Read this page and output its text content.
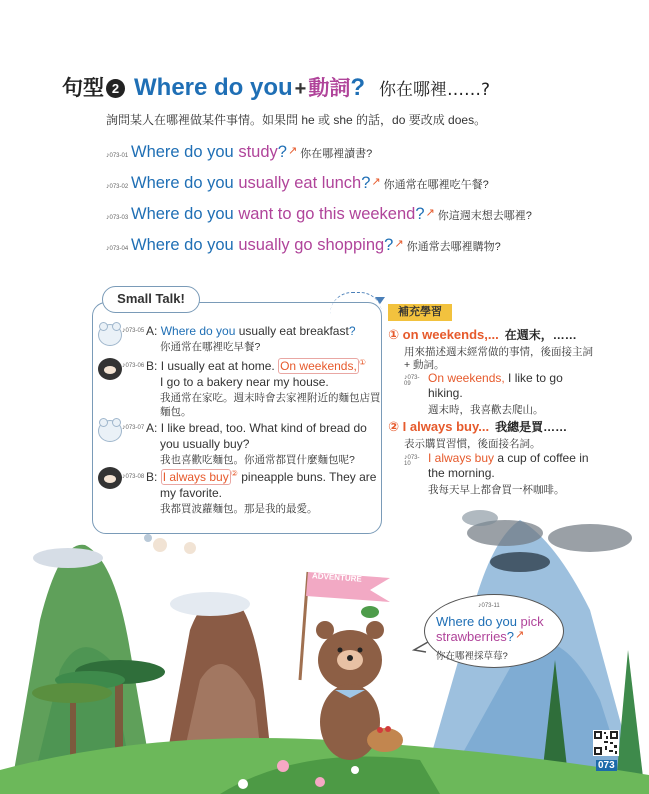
句型 2 Where do you + 動詞 ? 你在哪裡……?
詢問某人在哪裡做某件事情。如果問 he 或 she 的話，do 要改成 does。
♪ 073-01 Where do you study? ↗ 你在哪裡讀書?
♪ 073-02 Where do you usually eat lunch? ↗ 你通常在哪裡吃午餐?
♪ 073-03 Where do you want to go this weekend? ↗ 你這週末想去哪裡?
♪ 073-04 Where do you usually go shopping? ↗ 你通常去哪裡購物?
Small Talk!
♪ 073-05 A: Where do you usually eat breakfast?
你通常在哪裡吃早餐?
♪ 073-06 B: I usually eat at home. On weekends, ①
I go to a bakery near my house.
我通常在家吃。週末時會去家裡附近的麵包店買麵包。
♪ 073-07 A: I like bread, too. What kind of bread do
you usually buy?
我也喜歡吃麵包。你通常都買什麼麵包呢?
♪ 073-08 B: I always buy ② pineapple buns. They are
my favorite.
我都買波蘿麵包。那是我的最愛。
補充學習
① on weekends,... 在週末，……
用來描述週末經常做的事情，後面接主詞
+ 動詞。
♪ 073-09	On weekends, I like to go
hiking.
週末時，我喜歡去爬山。
② I always buy... 我總是買……
表示購買習慣，後面接名詞。
♪ 073-10	I always buy a cup of coffee in
the morning.
我每天早上都會買一杯咖啡。
ADVENTURE
♪ 073-11
Where do you pick
strawberries?↗
你在哪裡採草莓?
073
